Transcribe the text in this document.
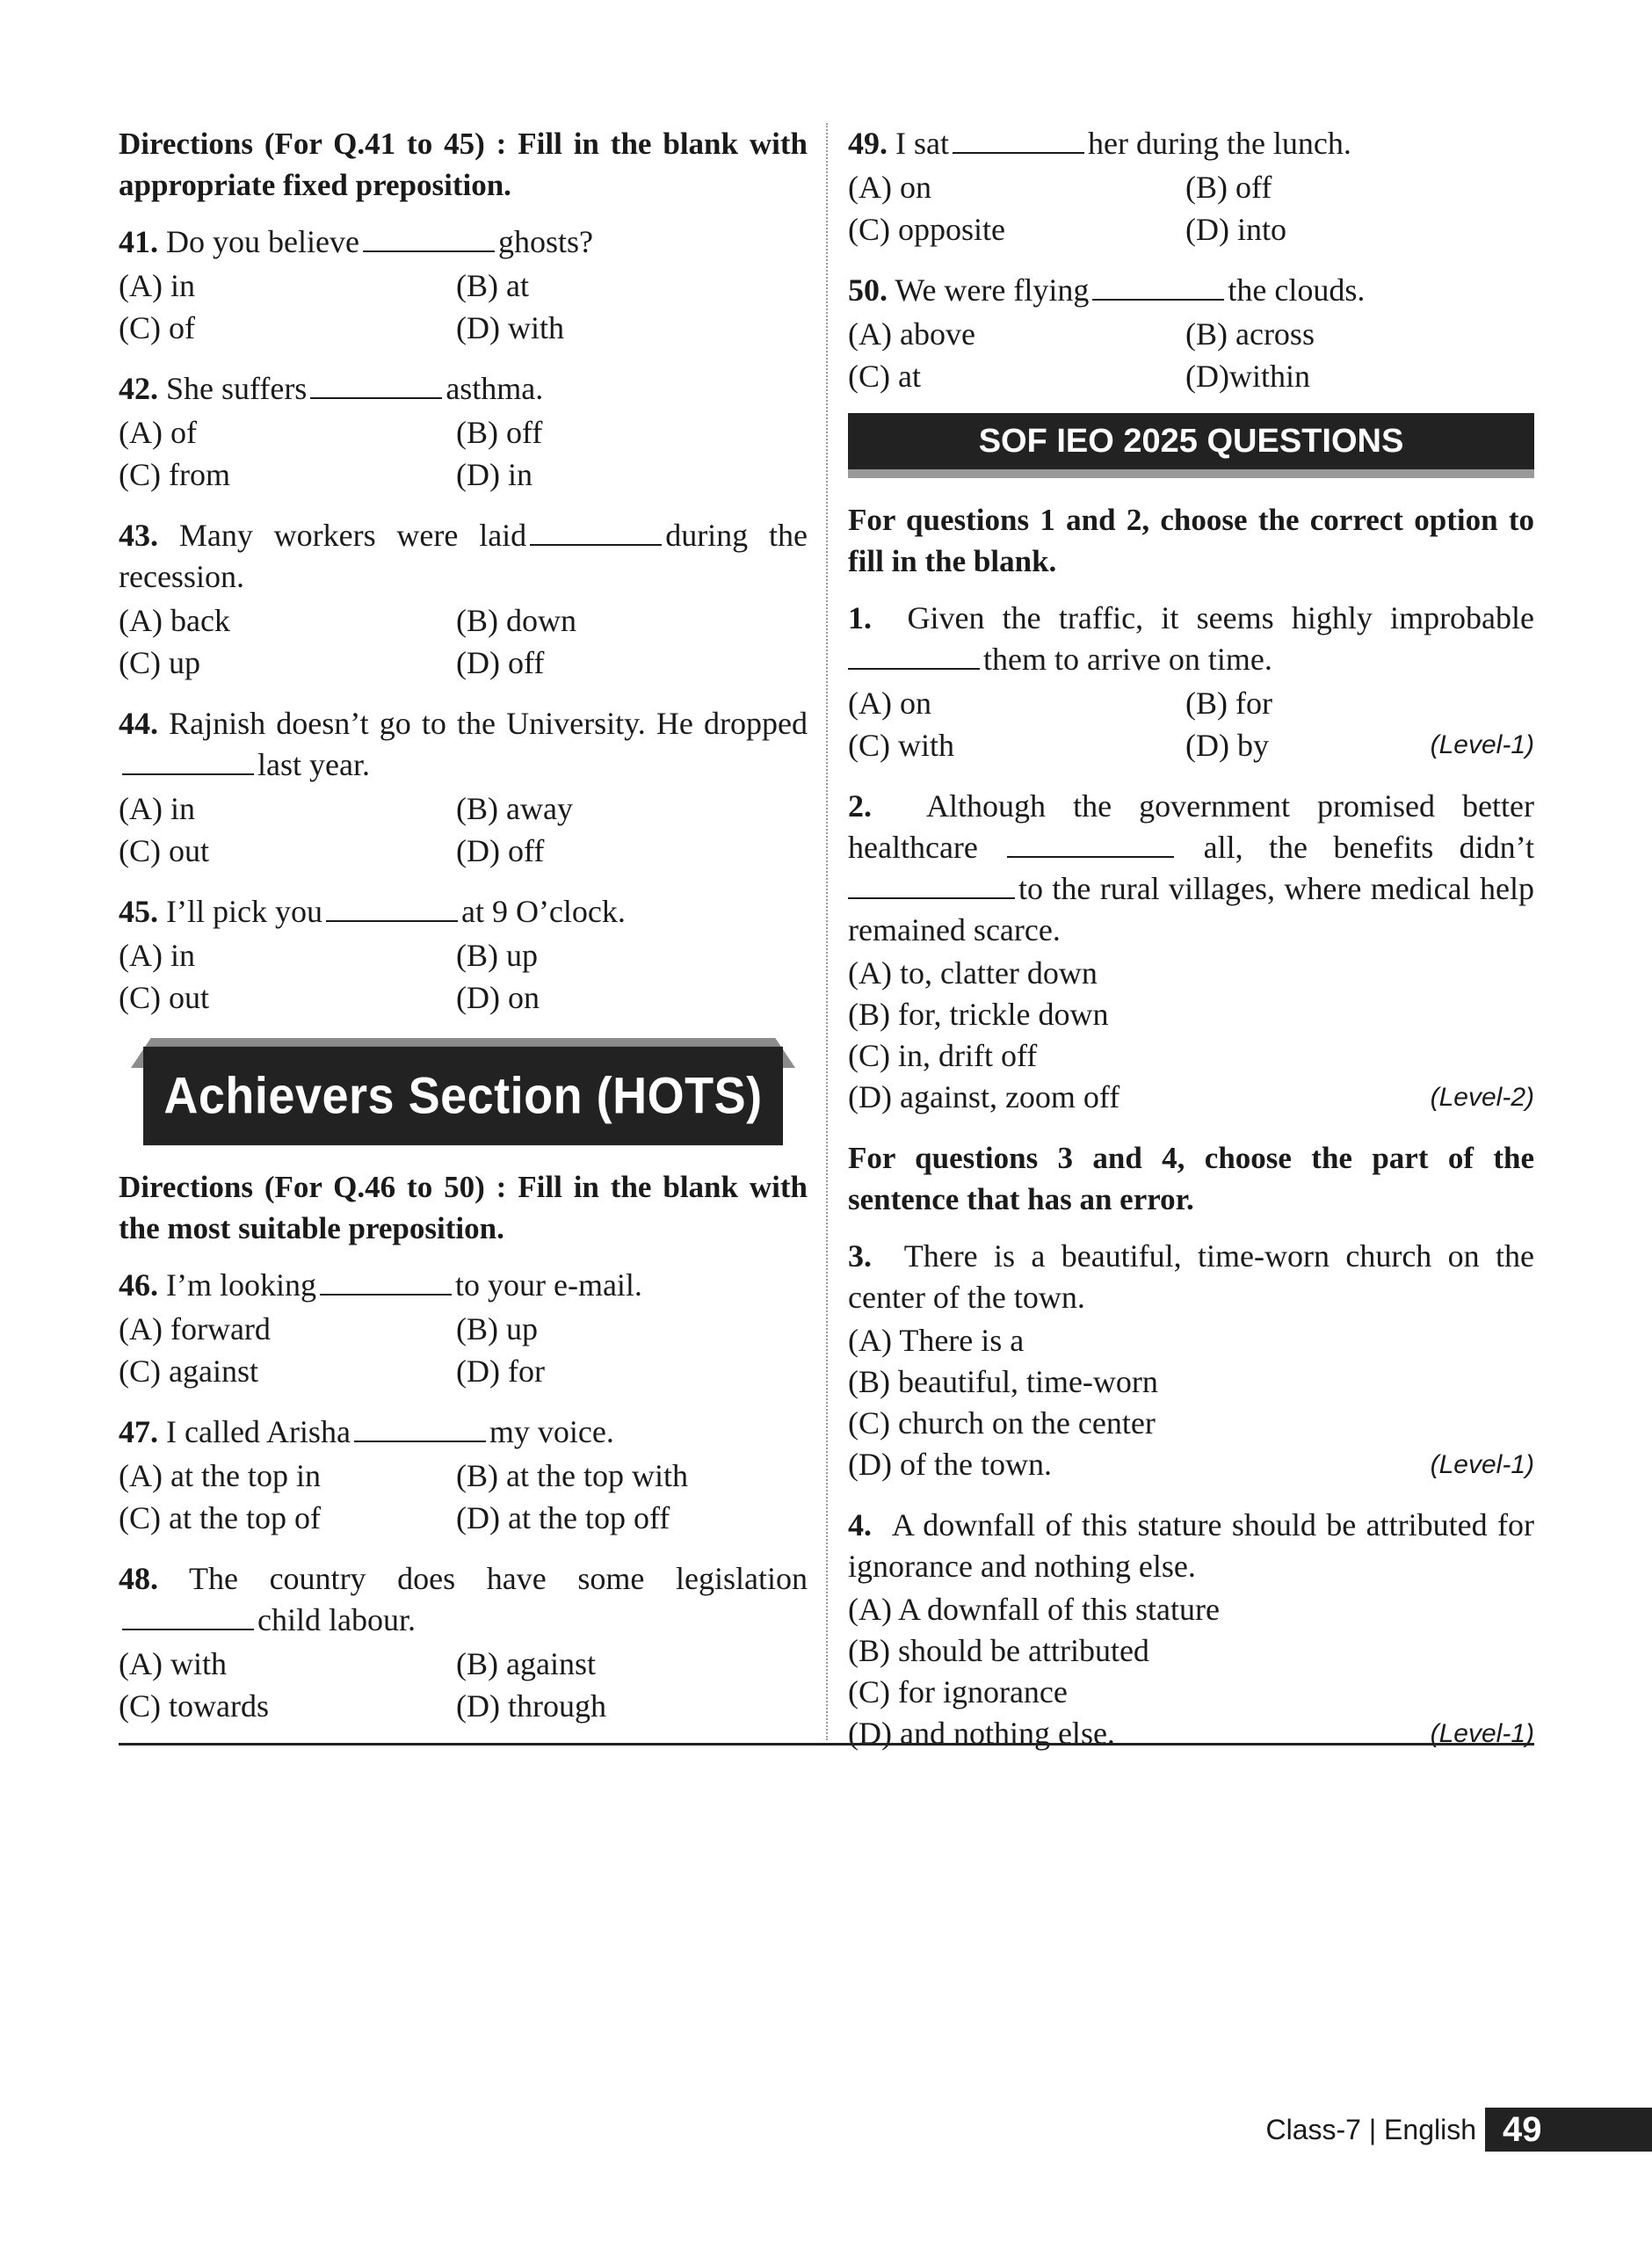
Directions (For Q.41 to 45) : Fill in the blank with appropriate fixed preposition.

41. Do you believe	ghosts?

(A) in	(B) at
(C) of	(D) with

42. She suffers	asthma.

(A) of	(B) off
(C) from	(D) in

43. Many workers were laid	during the recession.

(A) back	(B) down
(C) up	(D) off

44. Rajnish doesn’t go to the University. He droppedlast year.

(A) in	(B) away
(C) out	(D) off

45. I’ll pick you	at 9 O’clock.

(A) in	(B) up
(C) out	(D) on
Achievers Section (HOTS)

Directions (For Q.46 to 50) : Fill in the blank with the most suitable preposition.

46. I’m looking	to your e-mail.

(A) forward	(B) up
(C) against	(D) for

47. I called Arisha	my voice.

(A) at the top in	(B) at the top with
(C) at the top of	(D) at the top off

48. The country does have some legislation child labour.

(A) with	(B) against
(C) towards	(D) through

49. I sat	her during the lunch.

(A) on	(B) off
(C) opposite	(D) into

50. We were flying	the clouds.

(A) above	(B) across
(C) at	(D)within
SOF IEO 2025 QUESTIONS

For questions 1 and 2, choose the correct option to fill in the blank.

1. Given the traffic, it seems highly improbable them to arrive on time.

(A) on	(B) for
(C) with	(D) by	(Level-1)

2. Although the government promised better healthcare	all, the benefits didn’t to the rural villages, where medical help remained scarce.

(A) to, clatter down
(B) for, trickle down
(C) in, drift off
(D) against, zoom off	(Level-2)

For questions 3 and 4, choose the part of the sentence that has an error.

3. There is a beautiful, time-worn church on the center of the town.

(A) There is a
(B) beautiful, time-worn
(C) church on the center
(D) of the town.	(Level-1)

4. A downfall of this stature should be attributed for ignorance and nothing else.

(A) A downfall of this stature
(B) should be attributed
(C) for ignorance
(D) and nothing else.	(Level-1)
Class-7 | English 49
